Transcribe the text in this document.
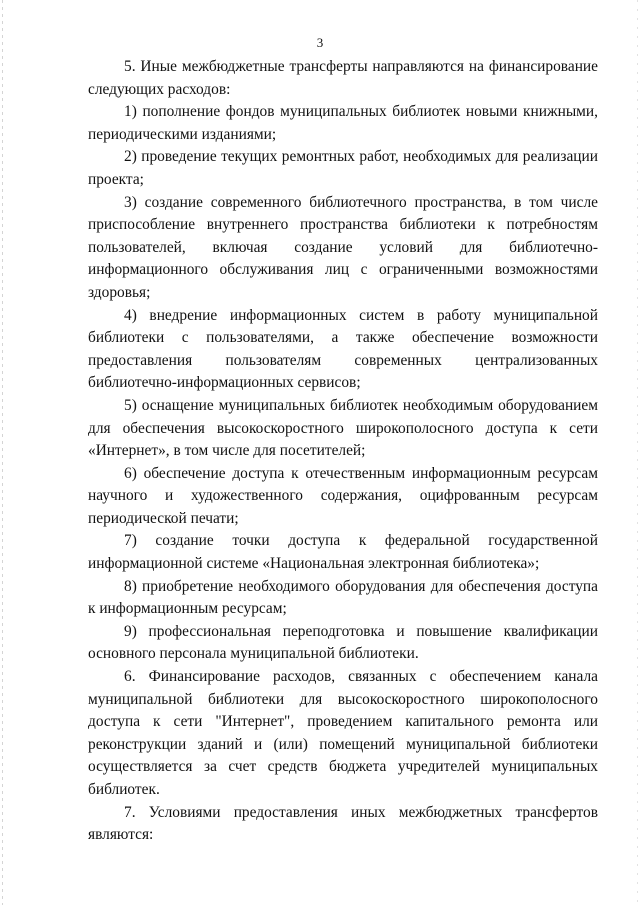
3

5. Иные межбюджетные трансферты направляются на финансирование следующих расходов:

1) пополнение фондов муниципальных библиотек новыми книжными, периодическими изданиями;

2) проведение текущих ремонтных работ, необходимых для реализации проекта;

3) создание современного библиотечного пространства, в том числе приспособление внутреннего пространства библиотеки к потребностям пользователей, включая создание условий для библиотечно-информационного обслуживания лиц с ограниченными возможностями здоровья;

4) внедрение информационных систем в работу муниципальной библиотеки с пользователями, а также обеспечение возможности предоставления пользователям современных централизованных библиотечно-информационных сервисов;

5) оснащение муниципальных библиотек необходимым оборудованием для обеспечения высокоскоростного широкополосного доступа к сети «Интернет», в том числе для посетителей;

6) обеспечение доступа к отечественным информационным ресурсам научного и художественного содержания, оцифрованным ресурсам периодической печати;

7) создание точки доступа к федеральной государственной информационной системе «Национальная электронная библиотека»;

8) приобретение необходимого оборудования для обеспечения доступа к информационным ресурсам;

9) профессиональная переподготовка и повышение квалификации основного персонала муниципальной библиотеки.

6. Финансирование расходов, связанных с обеспечением канала муниципальной библиотеки для высокоскоростного широкополосного доступа к сети "Интернет", проведением капитального ремонта или реконструкции зданий и (или) помещений муниципальной библиотеки осуществляется за счет средств бюджета учредителей муниципальных библиотек.

7. Условиями предоставления иных межбюджетных трансфертов являются:
